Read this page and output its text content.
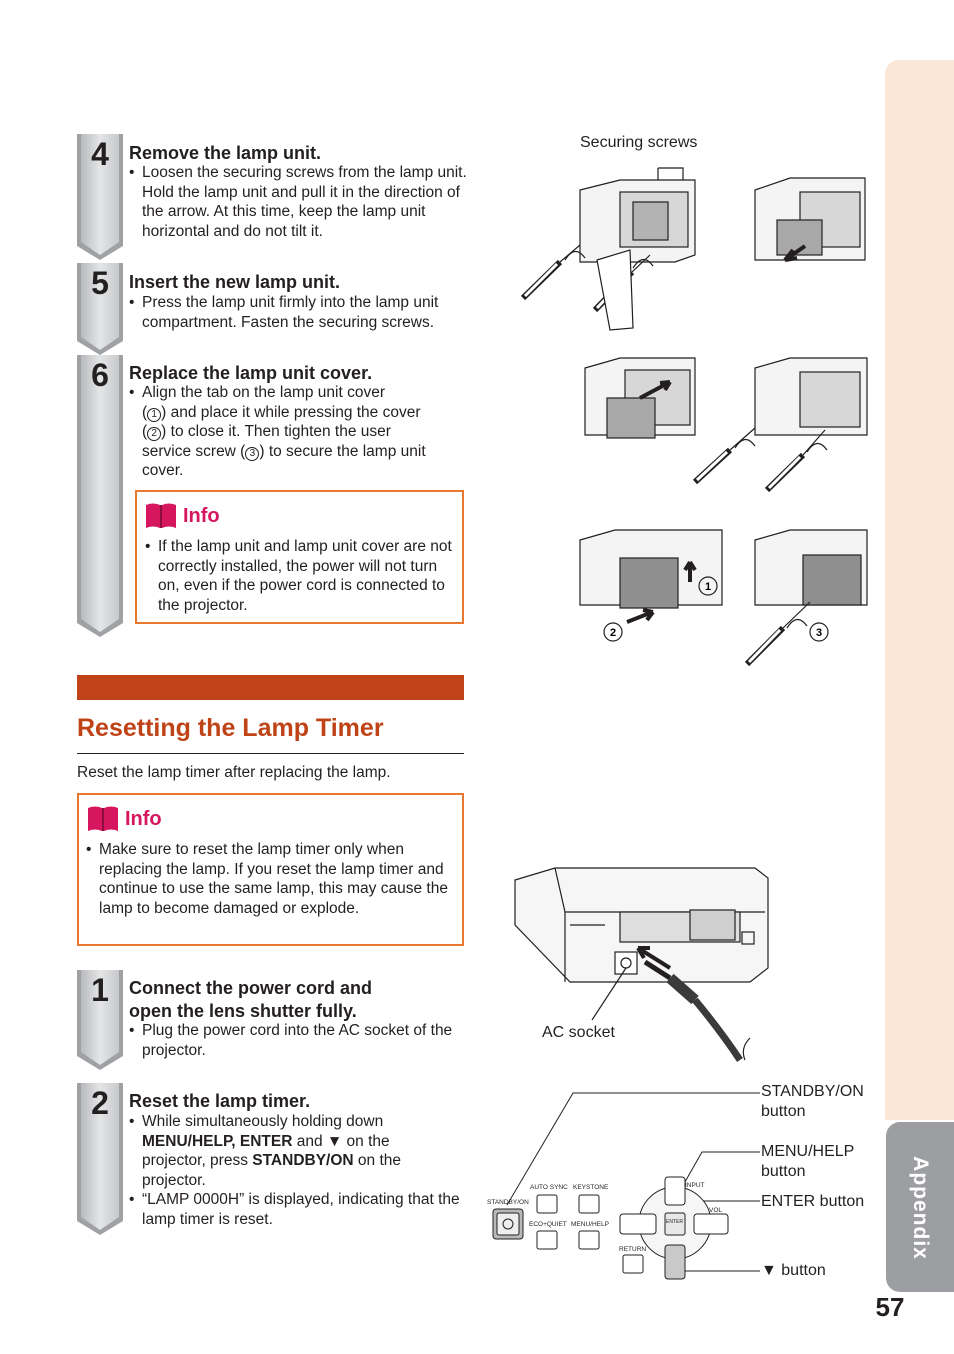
Appendix
57
4	Remove the lamp unit.
• Loosen the securing screws from the lamp unit. Hold the lamp unit and pull it in the direction of the arrow. At this time, keep the lamp unit horizontal and do not tilt it.
5	Insert the new lamp unit.
• Press the lamp unit firmly into the lamp unit compartment. Fasten the securing screws.
6	Replace the lamp unit cover.
• Align the tab on the lamp unit cover
( 1 ) and place it while pressing the cover
( 2 ) to close it. Then tighten the user
service screw ( 3 ) to secure the lamp unit
cover.
Info
• If the lamp unit and lamp unit cover are not correctly installed, the power will not turn on, even if the power cord is connected to the projector.
Resetting the Lamp Timer
Reset the lamp timer after replacing the lamp.
Info
• Make sure to reset the lamp timer only when replacing the lamp. If you reset the lamp timer and continue to use the same lamp, this may cause the lamp to become damaged or explode.
1	Connect the power cord and
open the lens shutter fully.
• Plug the power cord into the AC socket of the projector.
2	Reset the lamp timer.
• While simultaneously holding down
MENU/HELP, ENTER and ▼ on the
projector, press STANDBY/ON on the
projector.
• “LAMP 0000H” is displayed, indicating that the lamp timer is reset.
Securing screws
1
2	3
AC socket
STANDBY/ON
AUTO SYNC KEYSTONE
ECO+QUIET MENU/HELP
INPUT
VOL
ENTER
RETURN
STANDBY/ON
button
MENU/HELP
button
ENTER button
▼ button
